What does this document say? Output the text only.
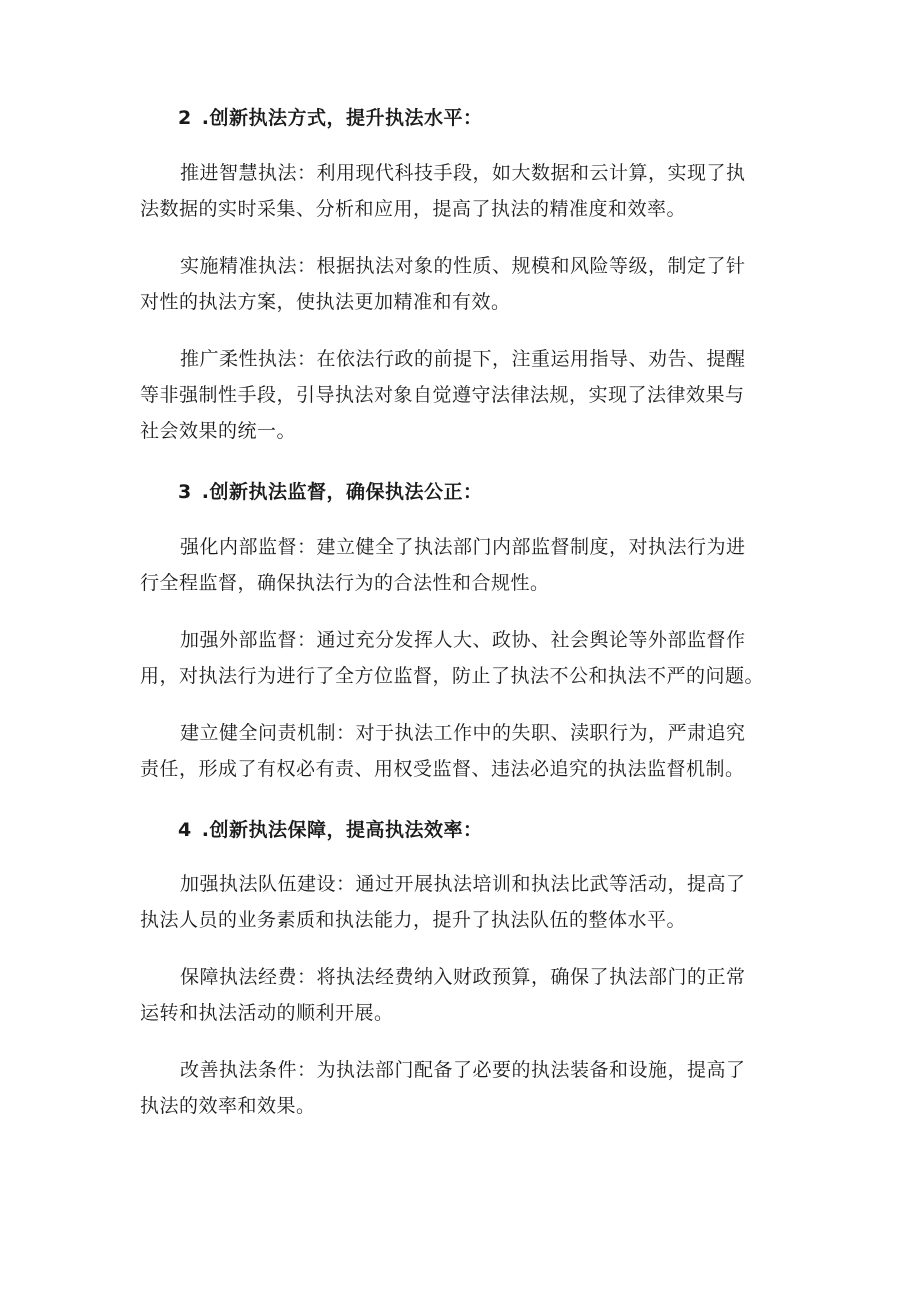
2 .创新执法方式，提升执法水平：

推进智慧执法：利用现代科技手段，如大数据和云计算，实现了执
法数据的实时采集、分析和应用，提高了执法的精准度和效率。

实施精准执法：根据执法对象的性质、规模和风险等级，制定了针
对性的执法方案，使执法更加精准和有效。

推广柔性执法：在依法行政的前提下，注重运用指导、劝告、提醒
等非强制性手段，引导执法对象自觉遵守法律法规，实现了法律效果与
社会效果的统一。

3 .创新执法监督，确保执法公正：

强化内部监督：建立健全了执法部门内部监督制度，对执法行为进
行全程监督，确保执法行为的合法性和合规性。

加强外部监督：通过充分发挥人大、政协、社会舆论等外部监督作
用，对执法行为进行了全方位监督，防止了执法不公和执法不严的问题。

建立健全问责机制：对于执法工作中的失职、渎职行为，严肃追究
责任，形成了有权必有责、用权受监督、违法必追究的执法监督机制。

4 .创新执法保障，提高执法效率：

加强执法队伍建设：通过开展执法培训和执法比武等活动，提高了
执法人员的业务素质和执法能力，提升了执法队伍的整体水平。

保障执法经费：将执法经费纳入财政预算，确保了执法部门的正常
运转和执法活动的顺利开展。

改善执法条件：为执法部门配备了必要的执法装备和设施，提高了
执法的效率和效果。
